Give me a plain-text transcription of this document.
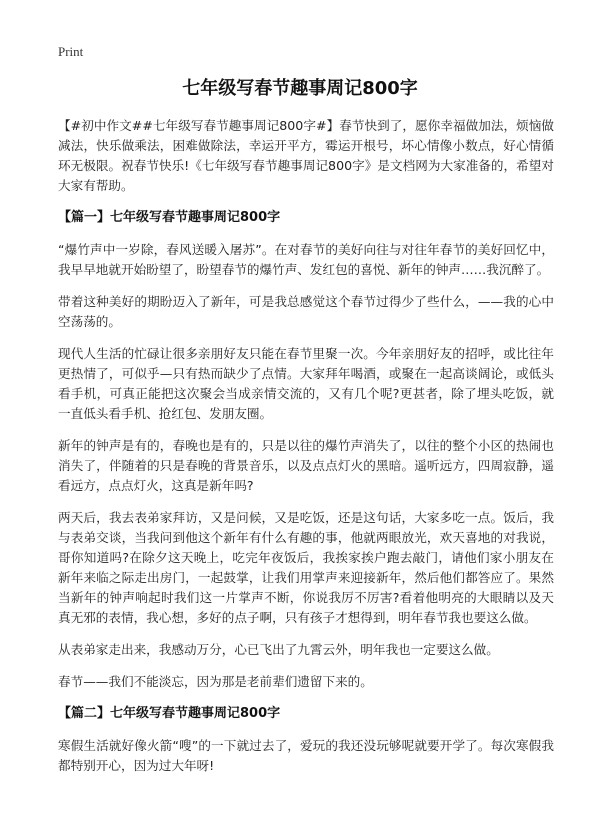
Print
七年级写春节趣事周记800字

【#初中作文##七年级写春节趣事周记800字#】春节快到了，愿你幸福做加法，烦恼做减法，快乐做乘法，困难做除法，幸运开平方，霉运开根号，坏心情像小数点，好心情循环无极限。祝春节快乐!《七年级写春节趣事周记800字》是文档网为大家准备的，希望对大家有帮助。

【篇一】七年级写春节趣事周记800字

“爆竹声中一岁除，春风送暖入屠苏”。在对春节的美好向往与对往年春节的美好回忆中，我早早地就开始盼望了，盼望春节的爆竹声、发红包的喜悦、新年的钟声……我沉醉了。

带着这种美好的期盼迈入了新年，可是我总感觉这个春节过得少了些什么，——我的心中空荡荡的。

现代人生活的忙碌让很多亲朋好友只能在春节里聚一次。今年亲朋好友的招呼，或比往年更热情了，可似乎—只有热而缺少了点情。大家拜年喝酒，或聚在一起高谈阔论，或低头看手机，可真正能把这次聚会当成亲情交流的，又有几个呢?更甚者，除了埋头吃饭，就一直低头看手机、抢红包、发朋友圈。

新年的钟声是有的，春晚也是有的，只是以往的爆竹声消失了，以往的整个小区的热闹也消失了，伴随着的只是春晚的背景音乐，以及点点灯火的黑暗。遥听远方，四周寂静，遥看远方，点点灯火，这真是新年吗?

两天后，我去表弟家拜访，又是问候，又是吃饭，还是这句话，大家多吃一点。饭后，我与表弟交谈，当我问到他这个新年有什么有趣的事，他就两眼放光，欢天喜地的对我说，哥你知道吗?在除夕这天晚上，吃完年夜饭后，我挨家挨户跑去敲门，请他们家小朋友在新年来临之际走出房门，一起鼓掌，让我们用掌声来迎接新年，然后他们都答应了。果然当新年的钟声响起时我们这一片掌声不断，你说我厉不厉害?看着他明亮的大眼睛以及天真无邪的表情，我心想，多好的点子啊，只有孩子才想得到，明年春节我也要这么做。

从表弟家走出来，我感动万分，心已飞出了九霄云外，明年我也一定要这么做。

春节——我们不能淡忘，因为那是老前辈们遗留下来的。

【篇二】七年级写春节趣事周记800字

寒假生活就好像火箭“嗖”的一下就过去了，爱玩的我还没玩够呢就要开学了。每次寒假我都特别开心，因为过大年呀!
